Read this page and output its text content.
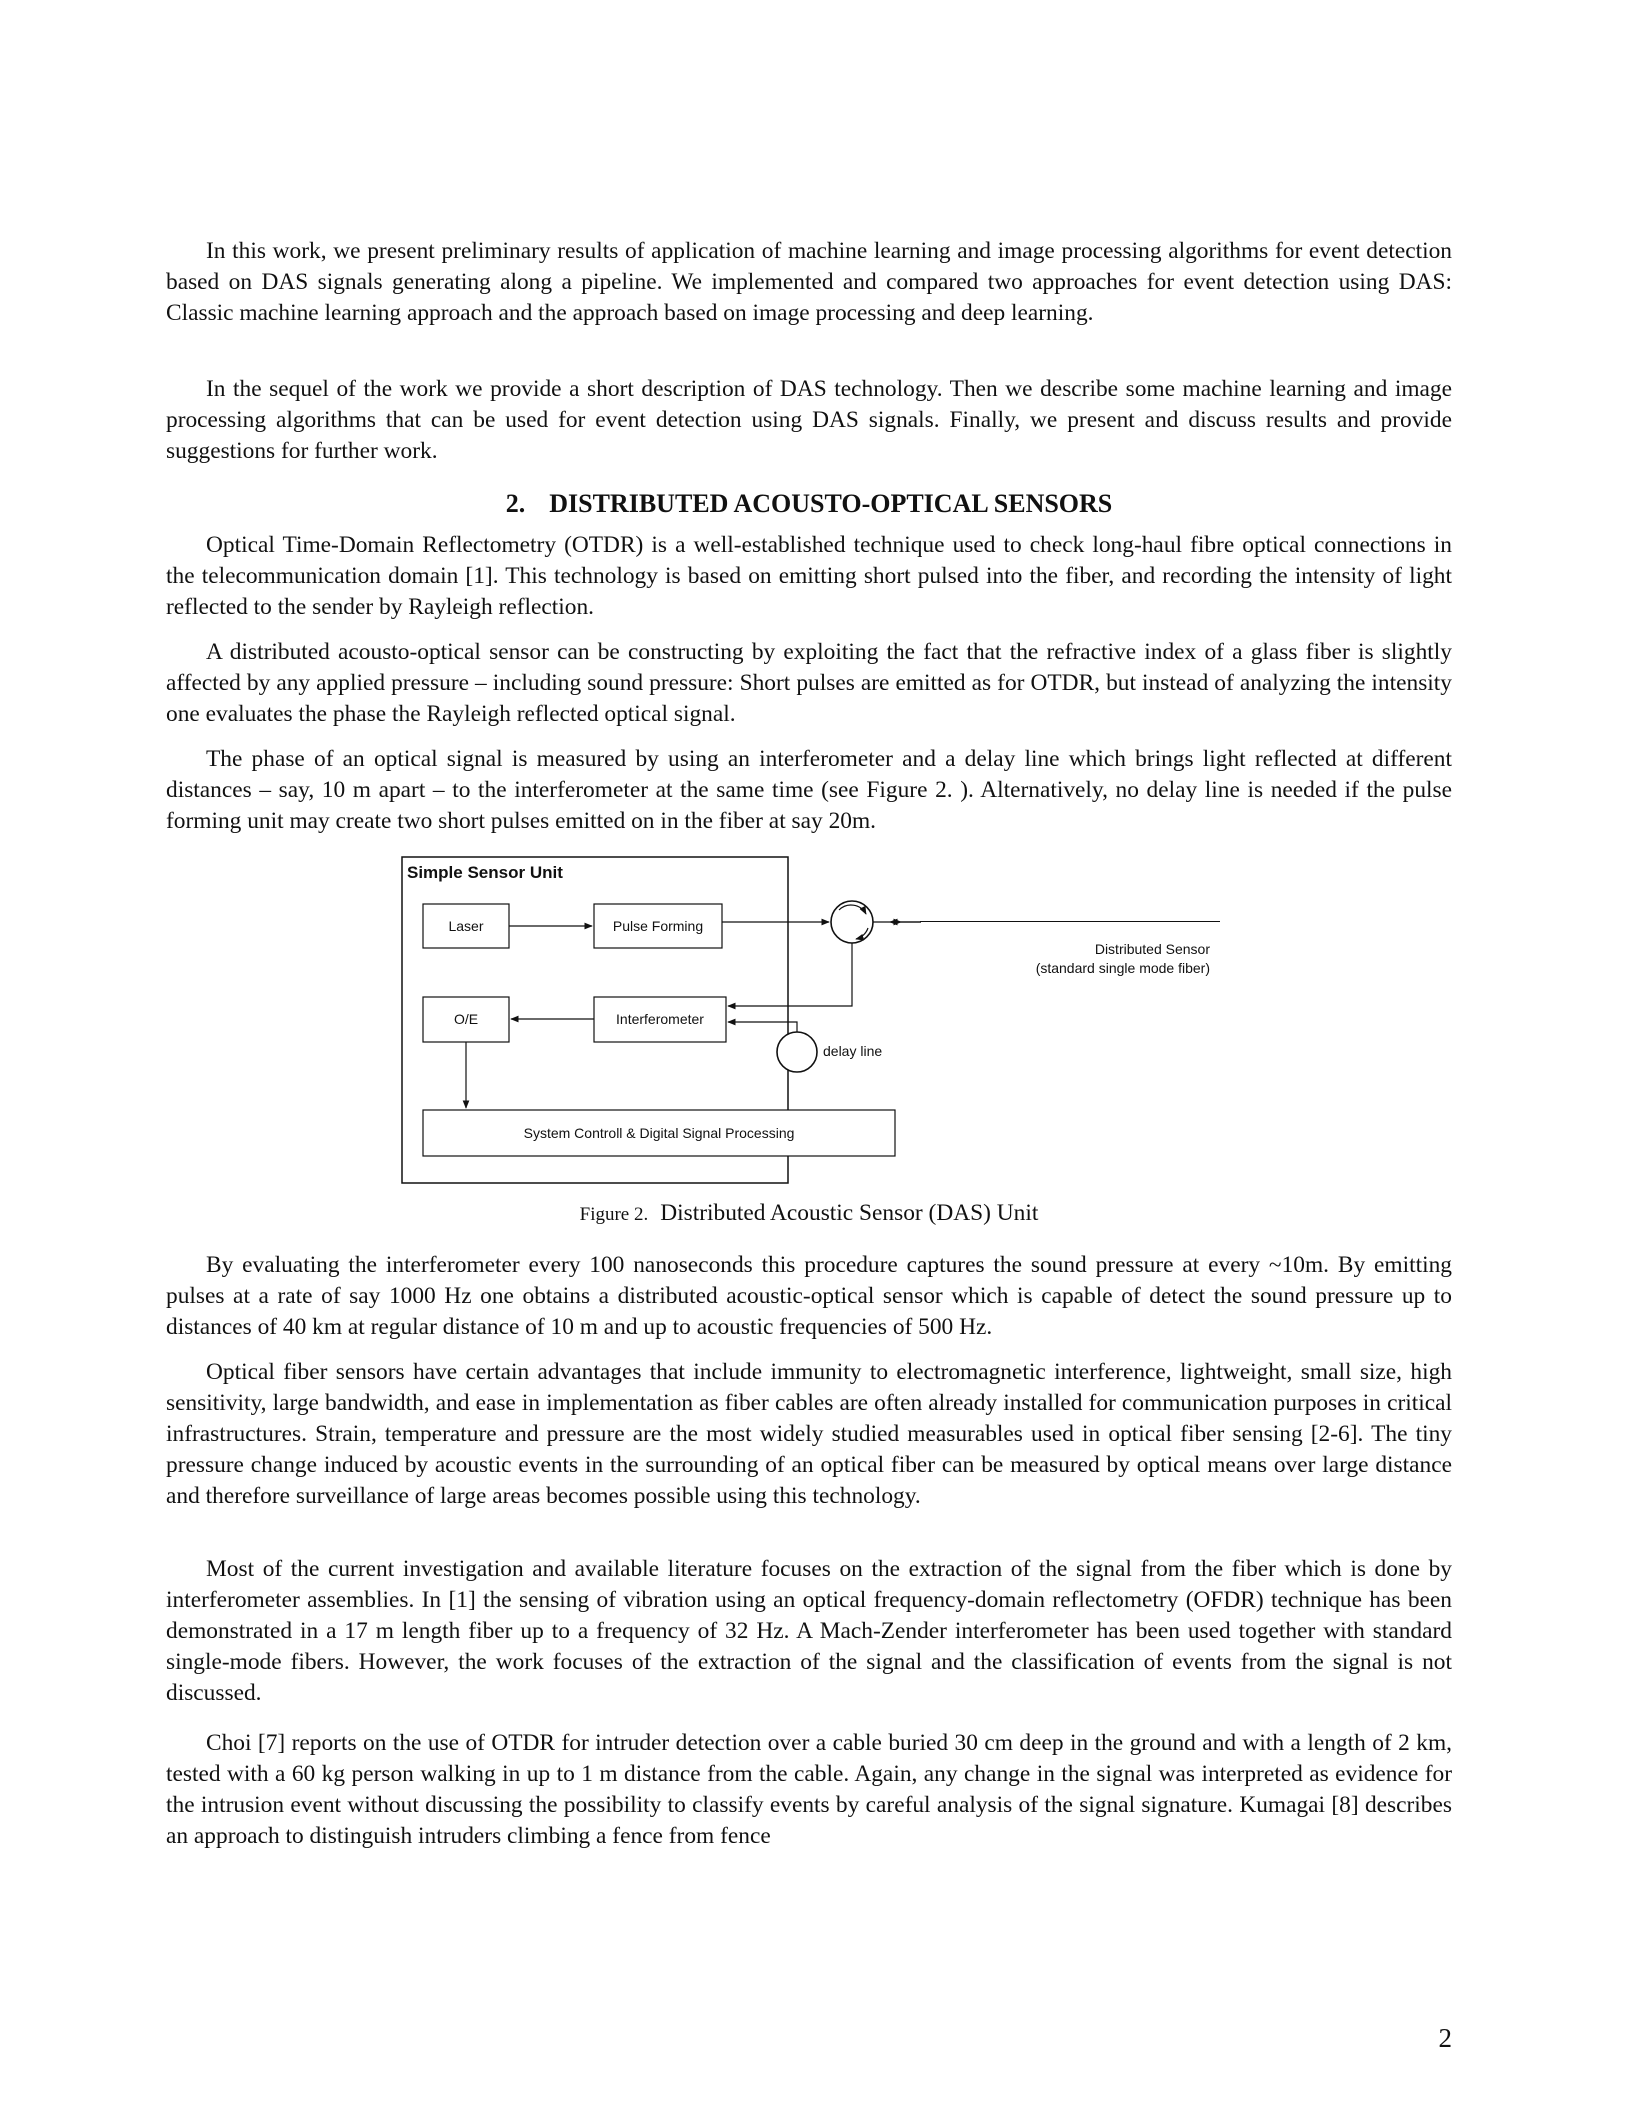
In this work, we present preliminary results of application of machine learning and image processing algorithms for event detection based on DAS signals generating along a pipeline. We implemented and compared two approaches for event detection using DAS: Classic machine learning approach and the approach based on image processing and deep learning.

In the sequel of the work we provide a short description of DAS technology. Then we describe some machine learning and image processing algorithms that can be used for event detection using DAS signals. Finally, we present and discuss results and provide suggestions for further work.

2. DISTRIBUTED ACOUSTO-OPTICAL SENSORS

Optical Time-Domain Reflectometry (OTDR) is a well-established technique used to check long-haul fibre optical connections in the telecommunication domain [1]. This technology is based on emitting short pulsed into the fiber, and recording the intensity of light reflected to the sender by Rayleigh reflection.

A distributed acousto-optical sensor can be constructing by exploiting the fact that the refractive index of a glass fiber is slightly affected by any applied pressure – including sound pressure: Short pulses are emitted as for OTDR, but instead of analyzing the intensity one evaluates the phase the Rayleigh reflected optical signal.

The phase of an optical signal is measured by using an interferometer and a delay line which brings light reflected at different distances – say, 10 m apart – to the interferometer at the same time (see Figure 2. ). Alternatively, no delay line is needed if the pulse forming unit may create two short pulses emitted on in the fiber at say 20m.

Simple Sensor Unit
Laser	Pulse Forming
O/E	Interferometer
System Controll & Digital Signal Processing
delay line
Distributed Sensor
(standard single mode fiber)
Figure 2. Distributed Acoustic Sensor (DAS) Unit

By evaluating the interferometer every 100 nanoseconds this procedure captures the sound pressure at every ~10m. By emitting pulses at a rate of say 1000 Hz one obtains a distributed acoustic-optical sensor which is capable of detect the sound pressure up to distances of 40 km at regular distance of 10 m and up to acoustic frequencies of 500 Hz.

Optical fiber sensors have certain advantages that include immunity to electromagnetic interference, lightweight, small size, high sensitivity, large bandwidth, and ease in implementation as fiber cables are often already installed for communication purposes in critical infrastructures. Strain, temperature and pressure are the most widely studied measurables used in optical fiber sensing [2-6]. The tiny pressure change induced by acoustic events in the surrounding of an optical fiber can be measured by optical means over large distance and therefore surveillance of large areas becomes possible using this technology.

Most of the current investigation and available literature focuses on the extraction of the signal from the fiber which is done by interferometer assemblies. In [1] the sensing of vibration using an optical frequency-domain reflectometry (OFDR) technique has been demonstrated in a 17 m length fiber up to a frequency of 32 Hz. A Mach-Zender interferometer has been used together with standard single-mode fibers. However, the work focuses of the extraction of the signal and the classification of events from the signal is not discussed.

Choi [7] reports on the use of OTDR for intruder detection over a cable buried 30 cm deep in the ground and with a length of 2 km, tested with a 60 kg person walking in up to 1 m distance from the cable. Again, any change in the signal was interpreted as evidence for the intrusion event without discussing the possibility to classify events by careful analysis of the signal signature. Kumagai [8] describes an approach to distinguish intruders climbing a fence from fence

2
